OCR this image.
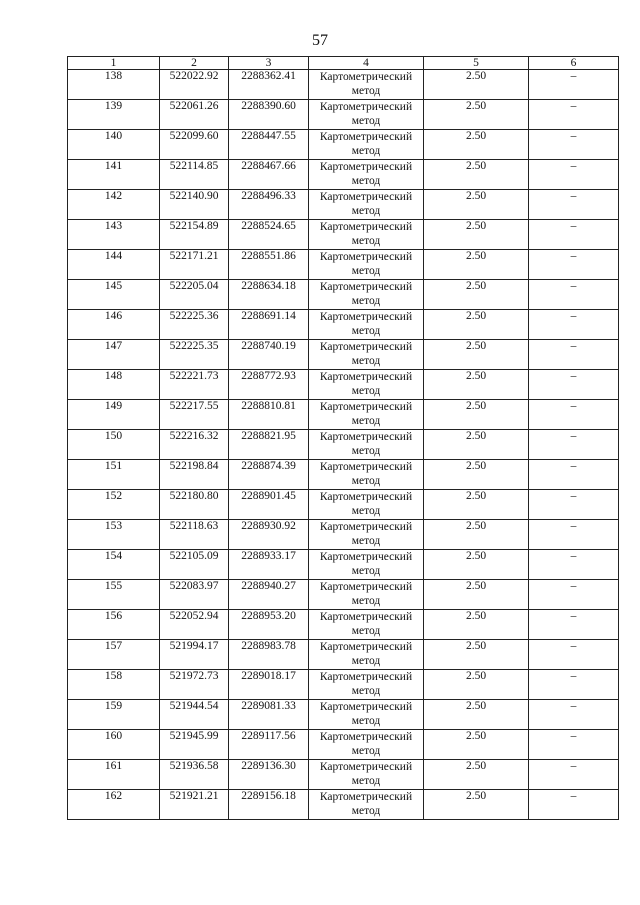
57
1	2	3	4	5	6
138	522022.92	2288362.41	Картометрический метод	2.50	–
139	522061.26	2288390.60	Картометрический метод	2.50	–
140	522099.60	2288447.55	Картометрический метод	2.50	–
141	522114.85	2288467.66	Картометрический метод	2.50	–
142	522140.90	2288496.33	Картометрический метод	2.50	–
143	522154.89	2288524.65	Картометрический метод	2.50	–
144	522171.21	2288551.86	Картометрический метод	2.50	–
145	522205.04	2288634.18	Картометрический метод	2.50	–
146	522225.36	2288691.14	Картометрический метод	2.50	–
147	522225.35	2288740.19	Картометрический метод	2.50	–
148	522221.73	2288772.93	Картометрический метод	2.50	–
149	522217.55	2288810.81	Картометрический метод	2.50	–
150	522216.32	2288821.95	Картометрический метод	2.50	–
151	522198.84	2288874.39	Картометрический метод	2.50	–
152	522180.80	2288901.45	Картометрический метод	2.50	–
153	522118.63	2288930.92	Картометрический метод	2.50	–
154	522105.09	2288933.17	Картометрический метод	2.50	–
155	522083.97	2288940.27	Картометрический метод	2.50	–
156	522052.94	2288953.20	Картометрический метод	2.50	–
157	521994.17	2288983.78	Картометрический метод	2.50	–
158	521972.73	2289018.17	Картометрический метод	2.50	–
159	521944.54	2289081.33	Картометрический метод	2.50	–
160	521945.99	2289117.56	Картометрический метод	2.50	–
161	521936.58	2289136.30	Картометрический метод	2.50	–
162	521921.21	2289156.18	Картометрический метод	2.50	–
